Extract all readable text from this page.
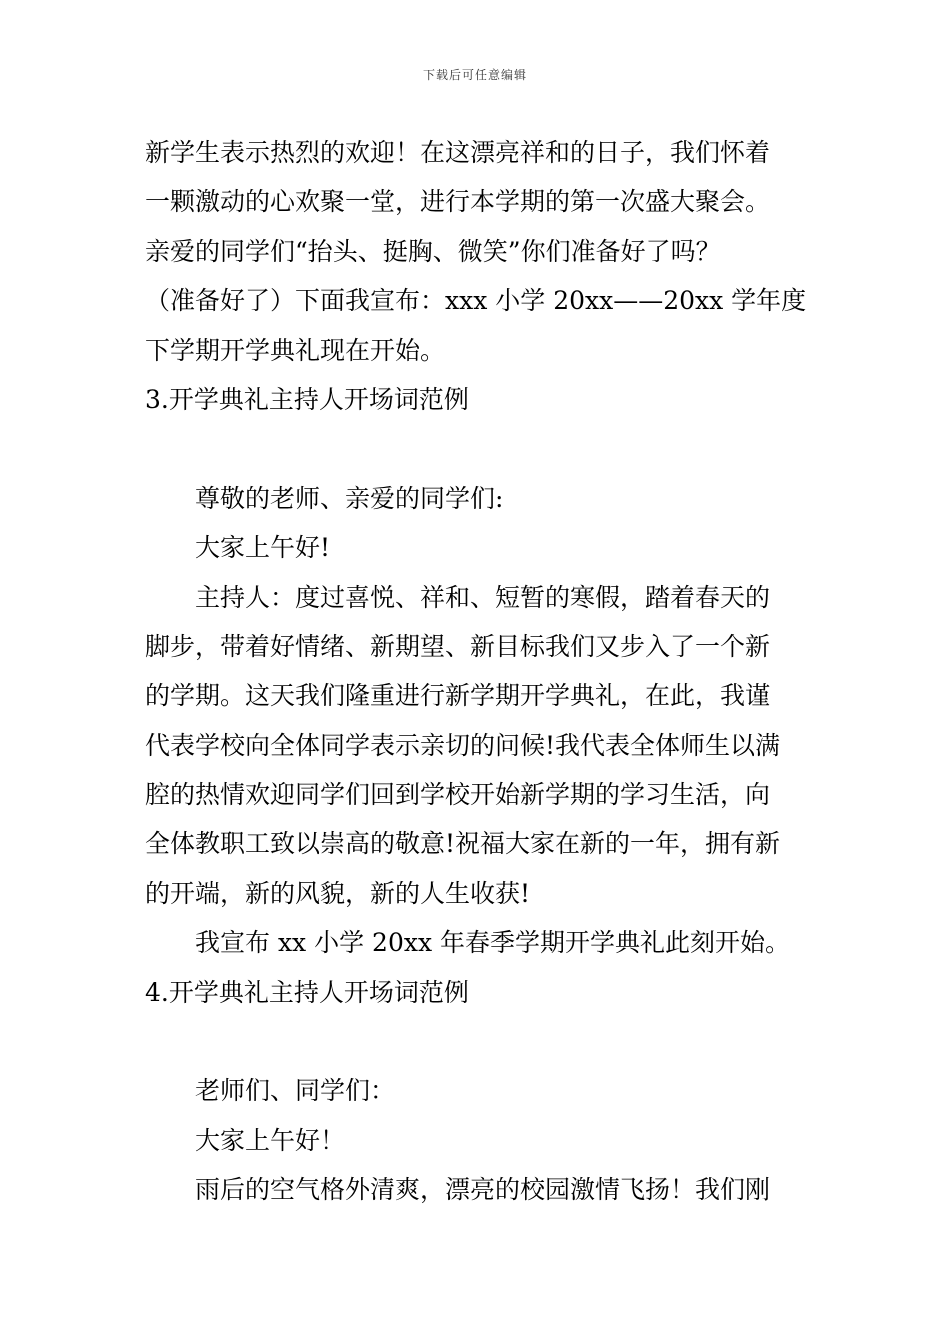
下载后可任意编辑
新学生表示热烈的欢迎！在这漂亮祥和的日子，我们怀着
一颗激动的心欢聚一堂，进行本学期的第一次盛大聚会。
亲爱的同学们“抬头、挺胸、微笑”你们准备好了吗？
（准备好了）下面我宣布：xxx 小学 20xx——20xx 学年度
下学期开学典礼现在开始。
3.开学典礼主持人开场词范例
尊敬的老师、亲爱的同学们:
大家上午好!
主持人：度过喜悦、祥和、短暂的寒假，踏着春天的
脚步，带着好情绪、新期望、新目标我们又步入了一个新
的学期。这天我们隆重进行新学期开学典礼，在此，我谨
代表学校向全体同学表示亲切的问候!我代表全体师生以满
腔的热情欢迎同学们回到学校开始新学期的学习生活，向
全体教职工致以崇高的敬意!祝福大家在新的一年，拥有新
的开端，新的风貌，新的人生收获!
我宣布 xx 小学 20xx 年春季学期开学典礼此刻开始。
4.开学典礼主持人开场词范例
老师们、同学们：
大家上午好！
雨后的空气格外清爽，漂亮的校园激情飞扬！我们刚
